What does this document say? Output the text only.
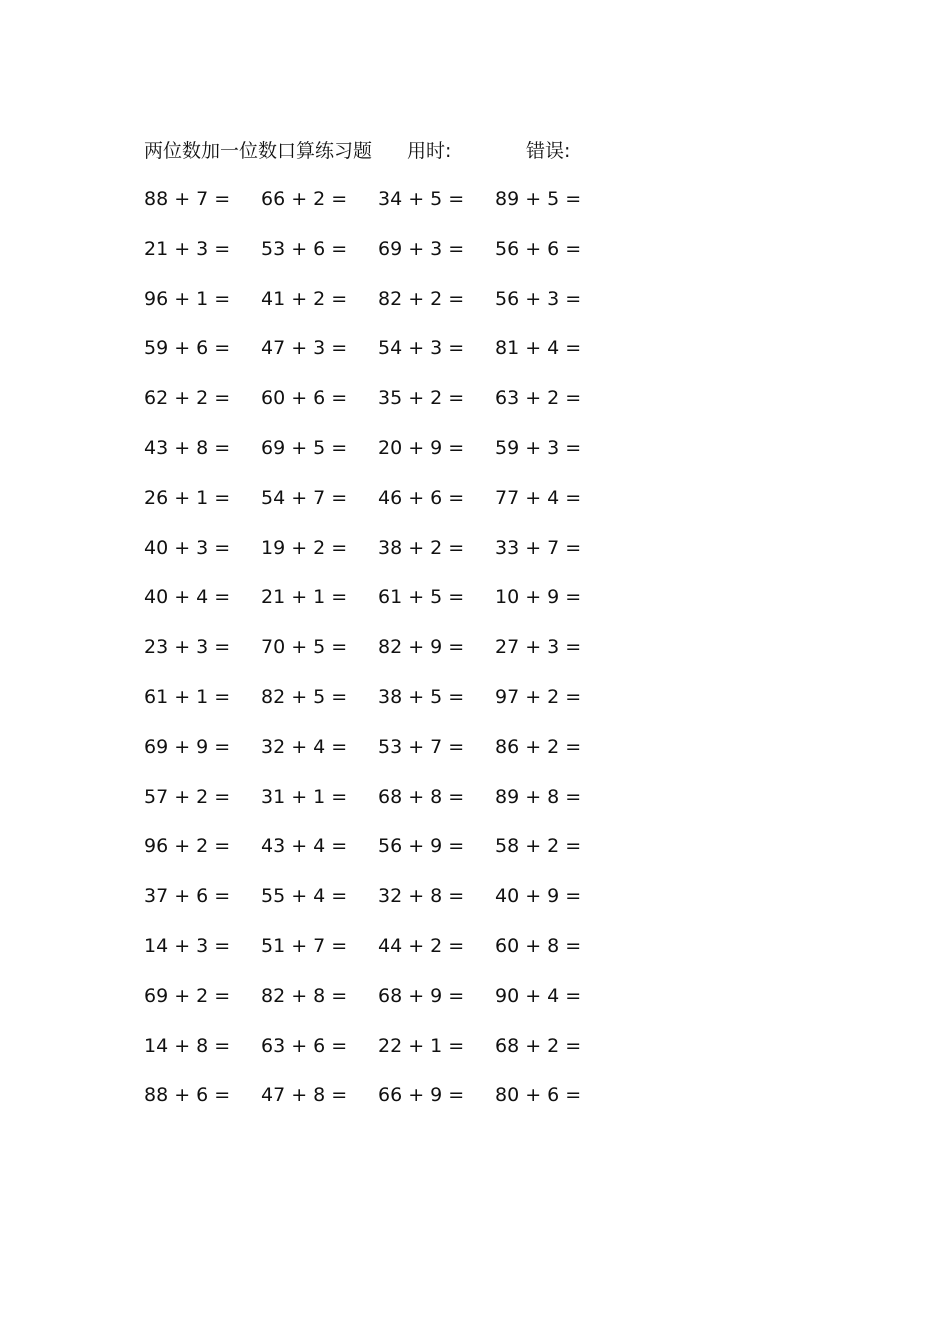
两位数加一位数口算练习题 用时:	错误:
88 + 7 = 66 + 2 = 34 + 5 = 89 + 5 =
21 + 3 = 53 + 6 = 69 + 3 = 56 + 6 =
96 + 1 = 41 + 2 = 82 + 2 = 56 + 3 =
59 + 6 = 47 + 3 = 54 + 3 = 81 + 4 =
62 + 2 = 60 + 6 = 35 + 2 = 63 + 2 =
43 + 8 = 69 + 5 = 20 + 9 = 59 + 3 =
26 + 1 = 54 + 7 = 46 + 6 = 77 + 4 =
40 + 3 = 19 + 2 = 38 + 2 = 33 + 7 =
40 + 4 = 21 + 1 = 61 + 5 = 10 + 9 =
23 + 3 = 70 + 5 = 82 + 9 = 27 + 3 =
61 + 1 = 82 + 5 = 38 + 5 = 97 + 2 =
69 + 9 = 32 + 4 = 53 + 7 = 86 + 2 =
57 + 2 = 31 + 1 = 68 + 8 = 89 + 8 =
96 + 2 = 43 + 4 = 56 + 9 = 58 + 2 =
37 + 6 = 55 + 4 = 32 + 8 = 40 + 9 =
14 + 3 = 51 + 7 = 44 + 2 = 60 + 8 =
69 + 2 = 82 + 8 = 68 + 9 = 90 + 4 =
14 + 8 = 63 + 6 = 22 + 1 = 68 + 2 =
88 + 6 = 47 + 8 = 66 + 9 = 80 + 6 =
